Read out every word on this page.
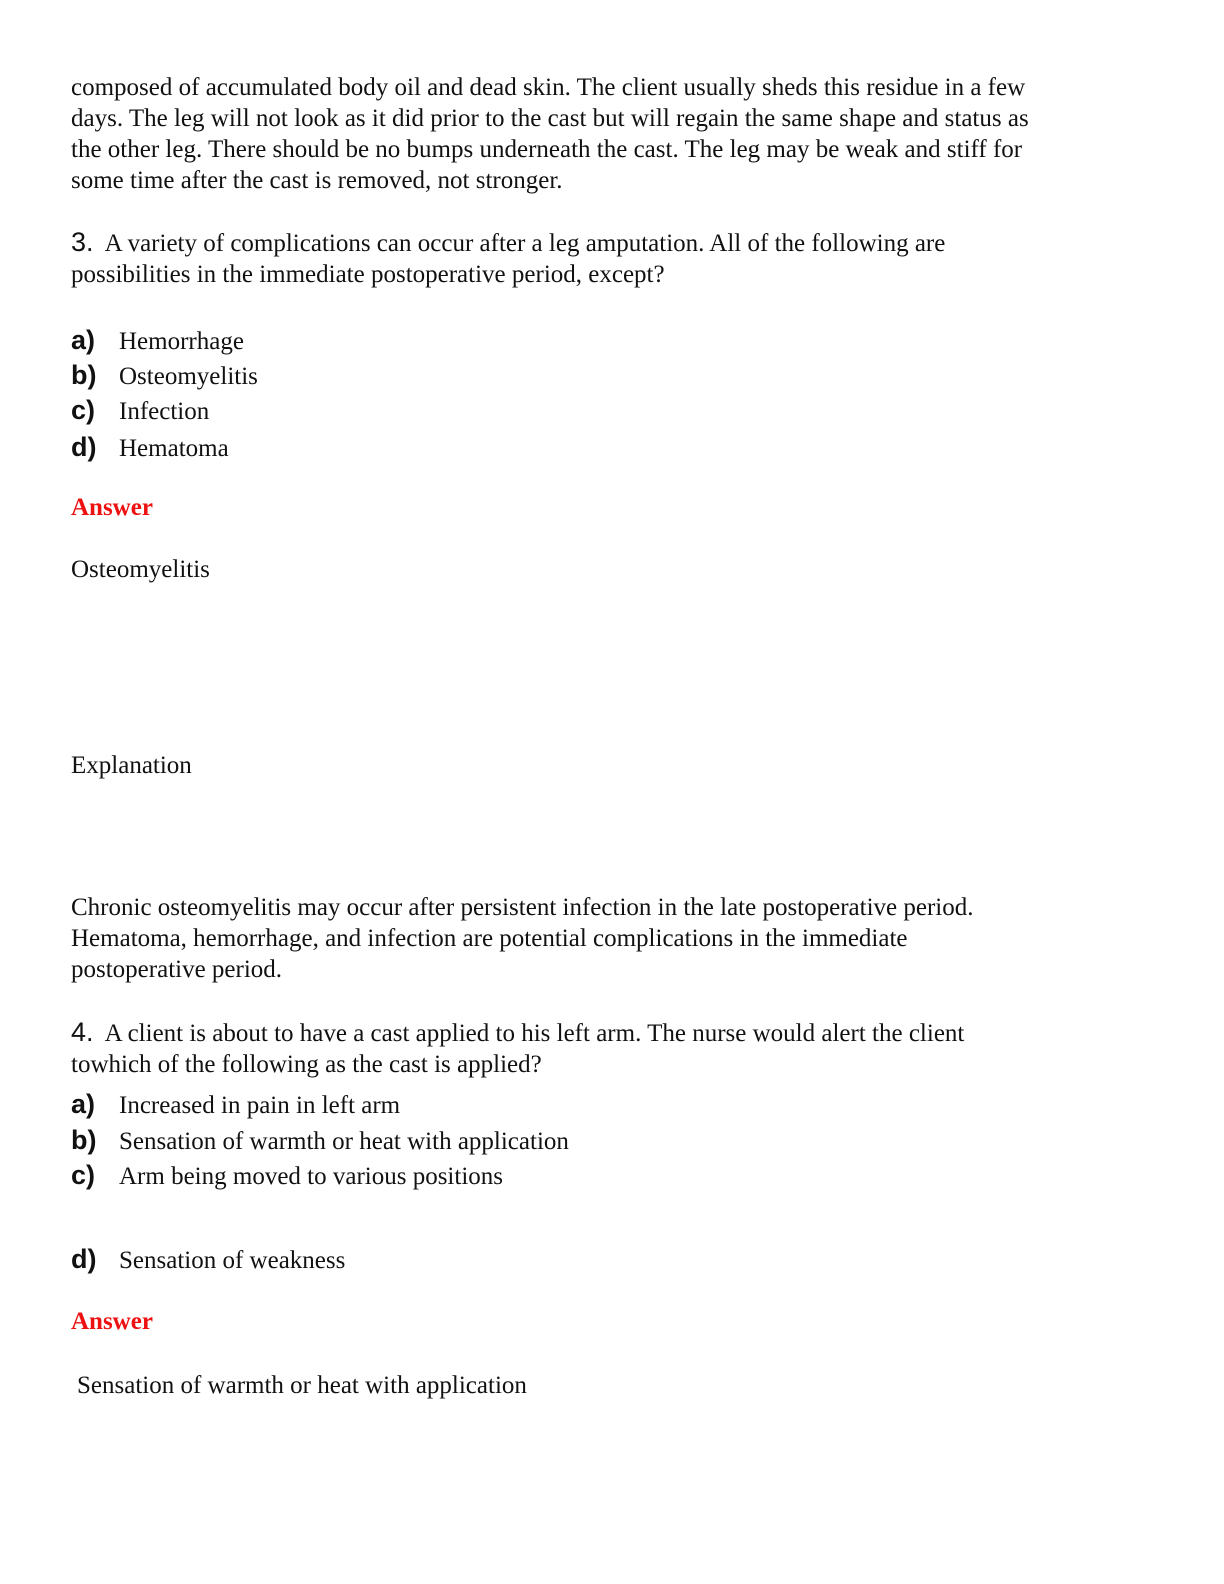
composed of accumulated body oil and dead skin. The client usually sheds this residue in a few
days. The leg will not look as it did prior to the cast but will regain the same shape and status as
the other leg. There should be no bumps underneath the cast. The leg may be weak and stiff for
some time after the cast is removed, not stronger.
3. A variety of complications can occur after a leg amputation. All of the following are
possibilities in the immediate postoperative period, except?
a) Hemorrhage
b) Osteomyelitis
c) Infection
d) Hematoma
Answer
Osteomyelitis
Explanation
Chronic osteomyelitis may occur after persistent infection in the late postoperative period.
Hematoma, hemorrhage, and infection are potential complications in the immediate
postoperative period.
4. A client is about to have a cast applied to his left arm. The nurse would alert the client
towhich of the following as the cast is applied?
a) Increased in pain in left arm
b) Sensation of warmth or heat with application
c) Arm being moved to various positions
d) Sensation of weakness
Answer
Sensation of warmth or heat with application
